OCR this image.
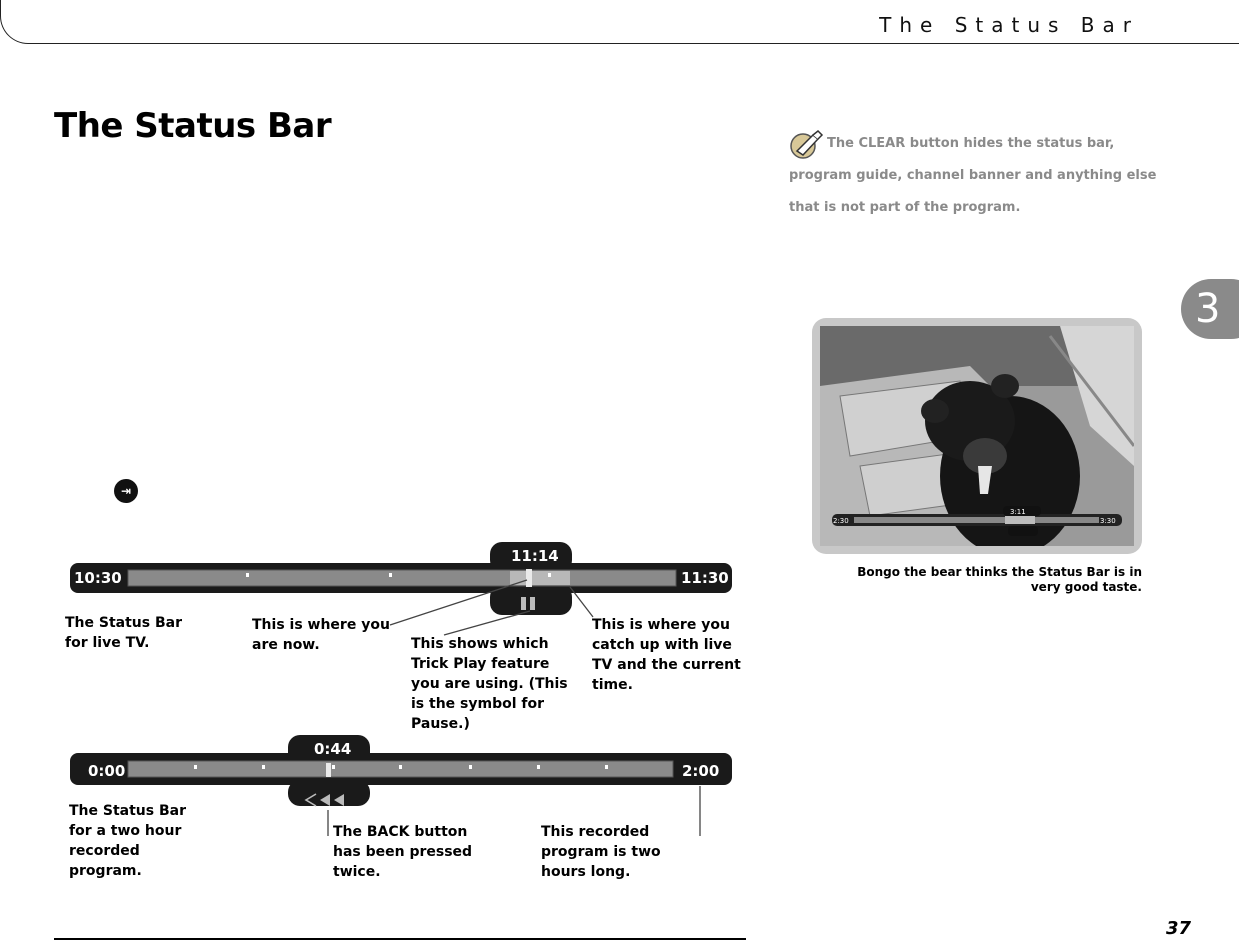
The Status Bar
The Status Bar
⇥
The CLEAR button hides the status bar, program guide, channel banner and anything else that is not part of the program.
3
2:30	3:30
3:11
Bongo the bear thinks the Status Bar is in very good taste.
10:30	11:30
11:14
The Status Bar for live TV.
This is where you are now.	This shows which Trick Play feature you are using. (This is the symbol for Pause.)
This is where you catch up with live TV and the current time.
0:00	2:00
0:44
The Status Bar for a two hour recorded program.
The BACK button has been pressed twice.
This recorded program is two hours long.
37
